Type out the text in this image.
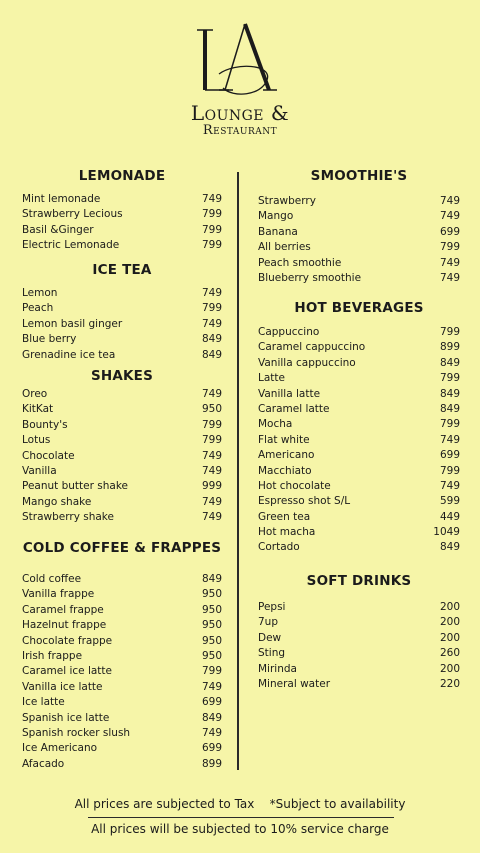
Lounge &
Restaurant
LEMONADE
Mint lemonade	749
Strawberry Lecious	799
Basil &Ginger	799
Electric Lemonade	799
ICE TEA
Lemon	749
Peach	799
Lemon basil ginger	749
Blue berry	849
Grenadine ice tea	849
SHAKES
Oreo	749
KitKat	950
Bounty's	799
Lotus	799
Chocolate	749
Vanilla	749
Peanut butter shake	999
Mango shake	749
Strawberry shake	749
COLD COFFEE & FRAPPES
Cold coffee	849
Vanilla frappe	950
Caramel frappe	950
Hazelnut frappe	950
Chocolate frappe	950
Irish frappe	950
Caramel ice latte	799
Vanilla ice latte	749
Ice latte	699
Spanish ice latte	849
Spanish rocker slush	749
Ice Americano	699
Afacado	899
SMOOTHIE'S
Strawberry	749
Mango	749
Banana	699
All berries	799
Peach smoothie	749
Blueberry smoothie	749
HOT BEVERAGES
Cappuccino	799
Caramel cappuccino	899
Vanilla cappuccino	849
Latte	799
Vanilla latte	849
Caramel latte	849
Mocha	799
Flat white	749
Americano	699
Macchiato	799
Hot chocolate	749
Espresso shot S/L	599
Green tea	449
Hot macha	1049
Cortado	849
SOFT DRINKS
Pepsi	200
7up	200
Dew	200
Sting	260
Mirinda	200
Mineral water	220
All prices are subjected to Tax    *Subject to availability
All prices will be subjected to 10% service charge
